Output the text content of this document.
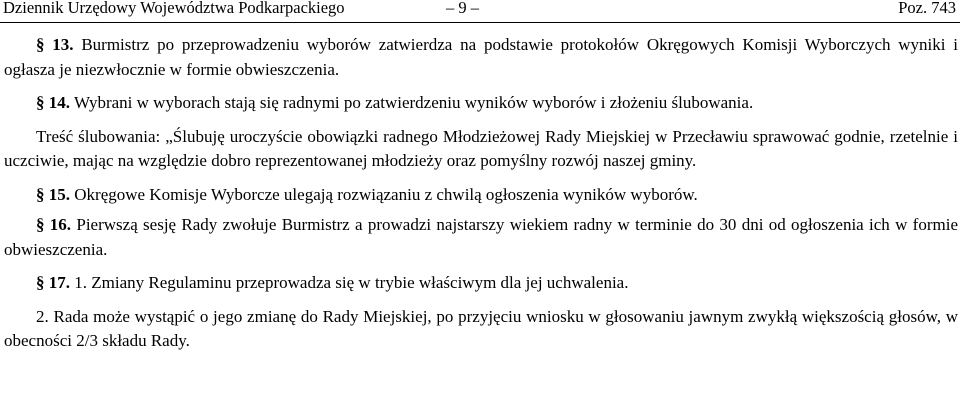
Dziennik Urzędowy Województwa Podkarpackiego	– 9 –	Poz. 743

§ 13. Burmistrz po przeprowadzeniu wyborów zatwierdza na podstawie protokołów Okręgowych Komisji Wyborczych wyniki i ogłasza je niezwłocznie w formie obwieszczenia.

§ 14. Wybrani w wyborach stają się radnymi po zatwierdzeniu wyników wyborów i złożeniu ślubowania.

Treść ślubowania: „Ślubuję uroczyście obowiązki radnego Młodzieżowej Rady Miejskiej w Przecławiu sprawować godnie, rzetelnie i uczciwie, mając na względzie dobro reprezentowanej młodzieży oraz pomyślny rozwój naszej gminy.

§ 15. Okręgowe Komisje Wyborcze ulegają rozwiązaniu z chwilą ogłoszenia wyników wyborów.

§ 16. Pierwszą sesję Rady zwołuje Burmistrz a prowadzi najstarszy wiekiem radny w terminie do 30 dni od ogłoszenia ich w formie obwieszczenia.

§ 17. 1. Zmiany Regulaminu przeprowadza się w trybie właściwym dla jej uchwalenia.

2. Rada może wystąpić o jego zmianę do Rady Miejskiej, po przyjęciu wniosku w głosowaniu jawnym zwykłą większością głosów, w obecności 2/3 składu Rady.
